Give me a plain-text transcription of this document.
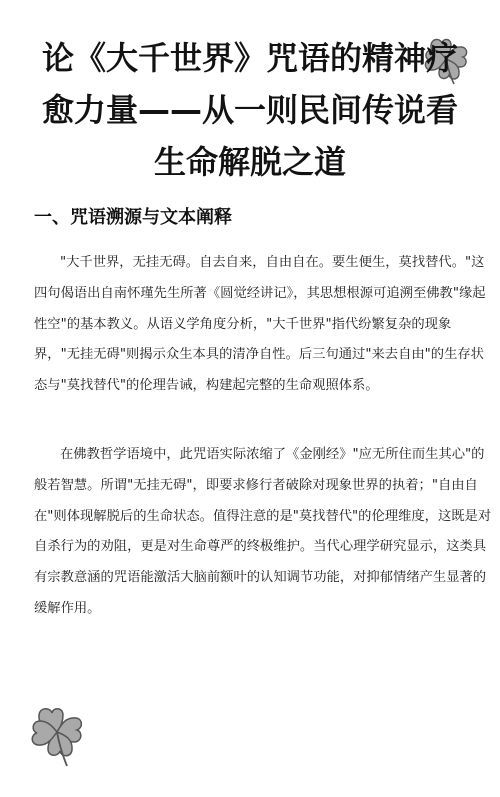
论《大千世界》咒语的精神疗
愈力量——从一则民间传说看
生命解脱之道
一、咒语溯源与文本阐释
"大千世界，无挂无碍。自去自来，自由自在。要生便生，莫找替代。"这
四句偈语出自南怀瑾先生所著《圆觉经讲记》，其思想根源可追溯至佛教"缘起
性空"的基本教义。从语义学角度分析，"大千世界"指代纷繁复杂的现象
界，"无挂无碍"则揭示众生本具的清净自性。后三句通过"来去自由"的生存状
态与"莫找替代"的伦理告诫，构建起完整的生命观照体系。
在佛教哲学语境中，此咒语实际浓缩了《金刚经》"应无所住而生其心"的
般若智慧。所谓"无挂无碍"，即要求修行者破除对现象世界的执着；"自由自
在"则体现解脱后的生命状态。值得注意的是"莫找替代"的伦理维度，这既是对
自杀行为的劝阻，更是对生命尊严的终极维护。当代心理学研究显示，这类具
有宗教意涵的咒语能激活大脑前额叶的认知调节功能，对抑郁情绪产生显著的
缓解作用。
